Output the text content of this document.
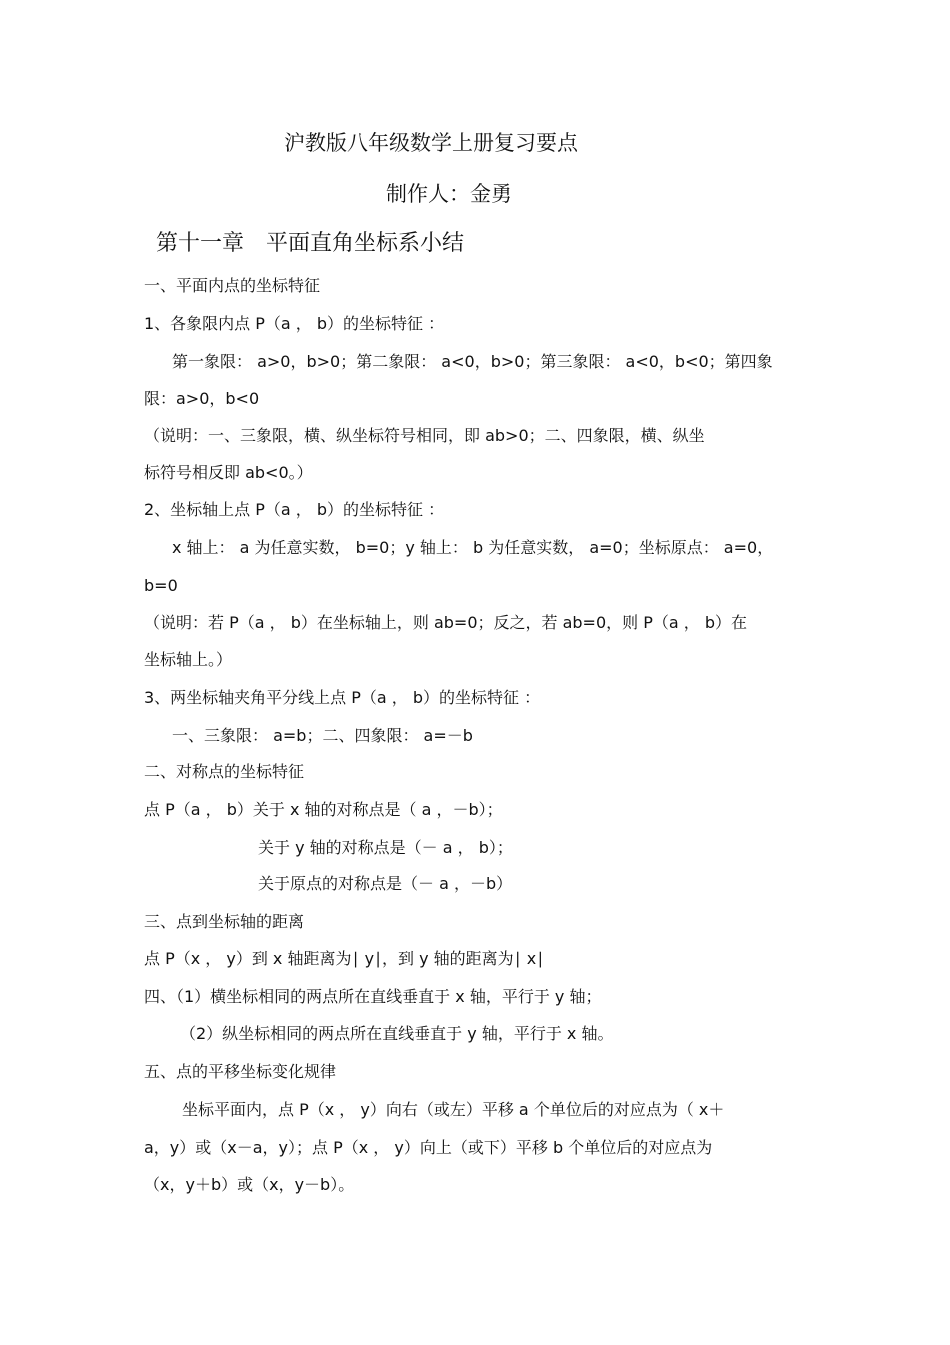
沪教版八年级数学上册复习要点
制作人：金勇
第十一章　平面直角坐标系小结
一、平面内点的坐标特征
1、各象限内点 P（a ， b）的坐标特征 ：
第一象限： a>0，b>0；第二象限： a<0，b>0；第三象限： a<0，b<0；第四象
限：a>0，b<0
（说明：一、三象限，横、纵坐标符号相同，即 ab>0；二、四象限，横、纵坐
标符号相反即 ab<0。）
2、坐标轴上点 P（a ， b）的坐标特征 ：
x 轴上： a 为任意实数， b=0；y 轴上： b 为任意实数， a=0；坐标原点： a=0，
b=0
（说明：若 P（a ， b）在坐标轴上，则 ab=0；反之，若 ab=0，则 P（a ， b）在
坐标轴上。）
3、两坐标轴夹角平分线上点 P（a ， b）的坐标特征 ：
一、三象限： a=b；二、四象限： a=－b
二、对称点的坐标特征
点 P（a ， b）关于 x 轴的对称点是（ a ，－b）；
关于 y 轴的对称点是（－ a ， b）；
关于原点的对称点是（－ a ，－b）
三、点到坐标轴的距离
点 P（x ， y）到 x 轴距离为∣ y∣，到 y 轴的距离为∣ x∣
四、（1）横坐标相同的两点所在直线垂直于 x 轴，平行于 y 轴；
（2）纵坐标相同的两点所在直线垂直于 y 轴，平行于 x 轴。
五、点的平移坐标变化规律
坐标平面内，点 P（x ， y）向右（或左）平移 a 个单位后的对应点为（ x＋
a，y）或（x－a，y）；点 P（x ， y）向上（或下）平移 b 个单位后的对应点为
（x，y＋b）或（x，y－b）。
